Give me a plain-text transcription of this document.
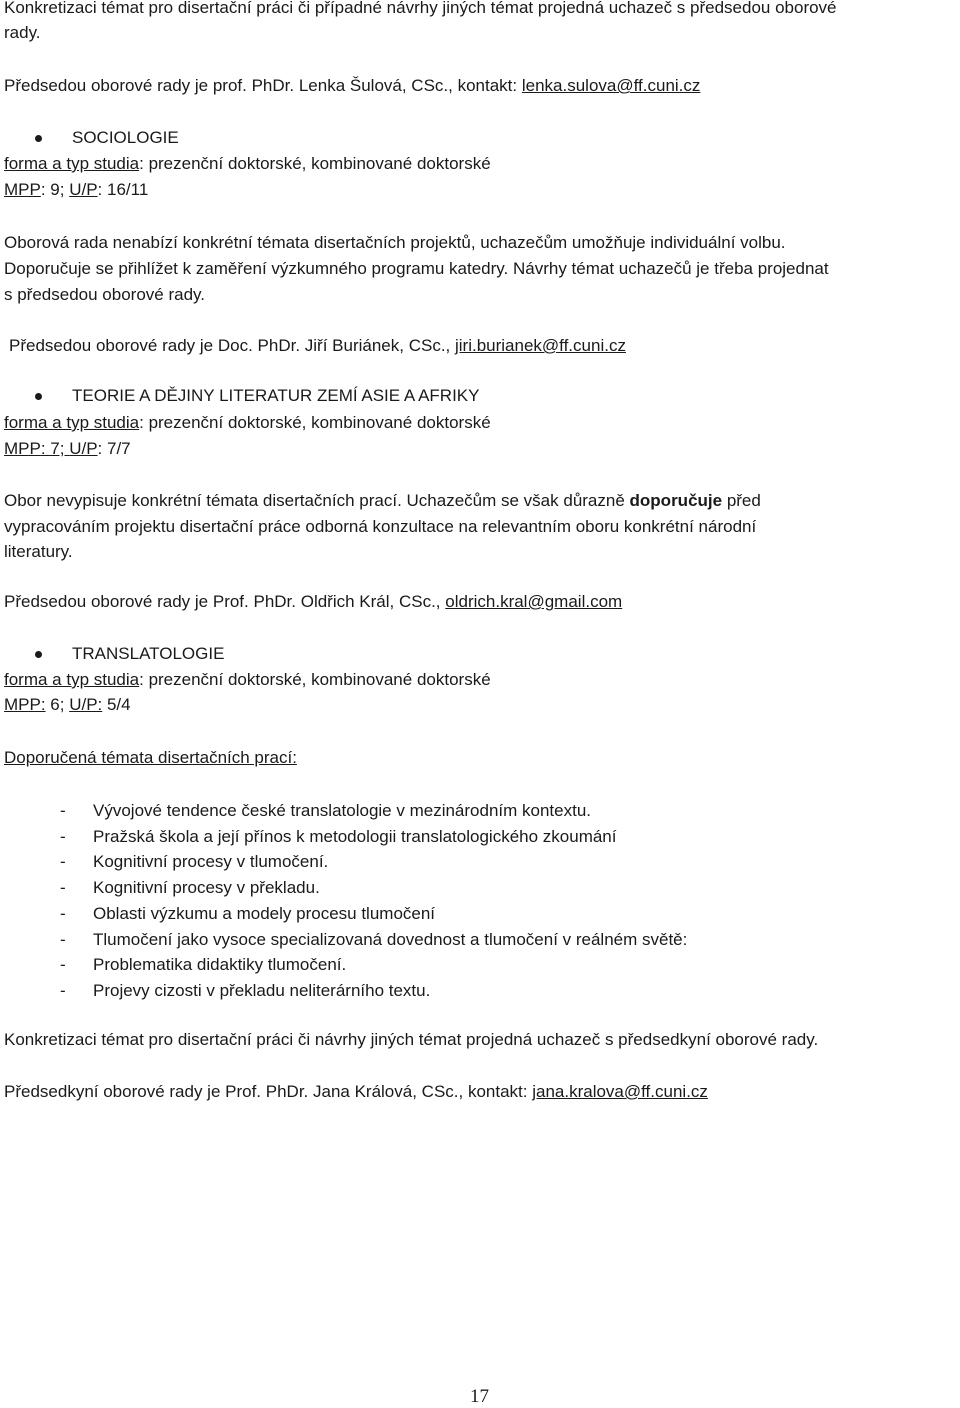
Konkretizaci témat pro disertační práci či případné návrhy jiných témat projedná uchazeč s předsedou oborové
rady.
Předsedou oborové rady je prof. PhDr. Lenka Šulová, CSc., kontakt: lenka.sulova@ff.cuni.cz
SOCIOLOGIE
forma a typ studia: prezenční doktorské, kombinované doktorské
MPP: 9; U/P: 16/11
Oborová rada nenabízí konkrétní témata disertačních projektů, uchazečům umožňuje individuální volbu.
Doporučuje se přihlížet k zaměření výzkumného programu katedry. Návrhy témat uchazečů je třeba projednat
s předsedou oborové rady.
Předsedou oborové rady je Doc. PhDr. Jiří Buriánek, CSc., jiri.burianek@ff.cuni.cz
TEORIE A DĚJINY LITERATUR ZEMÍ ASIE A AFRIKY
forma a typ studia: prezenční doktorské, kombinované doktorské
MPP: 7; U/P: 7/7
Obor nevypisuje konkrétní témata disertačních prací. Uchazečům se však důrazně doporučuje před
vypracováním projektu disertační práce odborná konzultace na relevantním oboru konkrétní národní
literatury.
Předsedou oborové rady je Prof. PhDr. Oldřich Král, CSc., oldrich.kral@gmail.com
TRANSLATOLOGIE
forma a typ studia: prezenční doktorské, kombinované doktorské
MPP: 6; U/P: 5/4
Doporučená témata disertačních prací:
- Vývojové tendence české translatologie v mezinárodním kontextu.
- Pražská škola a její přínos k metodologii translatologického zkoumání
- Kognitivní procesy v tlumočení.
- Kognitivní procesy v překladu.
- Oblasti výzkumu a modely procesu tlumočení
- Tlumočení jako vysoce specializovaná dovednost a tlumočení v reálném světě:
- Problematika didaktiky tlumočení.
- Projevy cizosti v překladu neliterárního textu.
Konkretizaci témat pro disertační práci či návrhy jiných témat projedná uchazeč s předsedkyní oborové rady.
Předsedkyní oborové rady je Prof. PhDr. Jana Králová, CSc., kontakt: jana.kralova@ff.cuni.cz
17
